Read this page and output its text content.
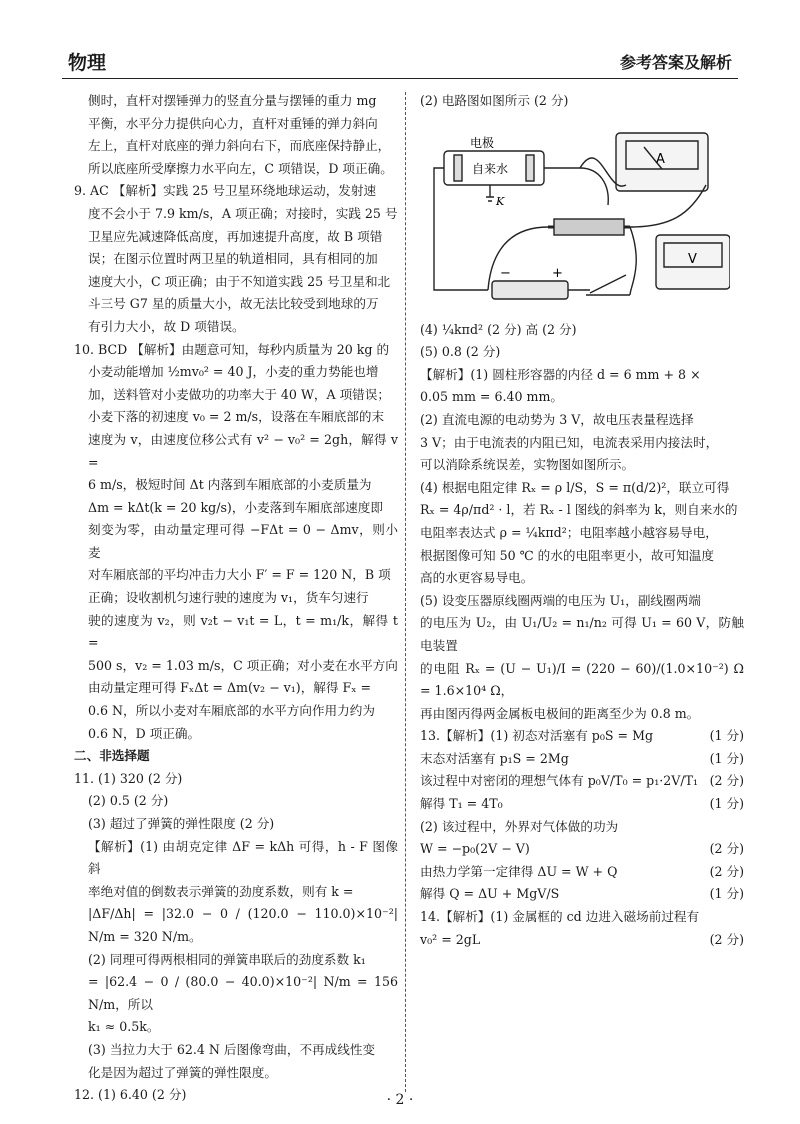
物理	参考答案及解析

侧时，直杆对摆锤弹力的竖直分量与摆锤的重力 mg

平衡，水平分力提供向心力，直杆对重锤的弹力斜向

左上，直杆对底座的弹力斜向右下，而底座保持静止，

所以底座所受摩擦力水平向左，C 项错误，D 项正确。

9. AC 【解析】实践 25 号卫星环绕地球运动，发射速

度不会小于 7.9 km/s，A 项正确；对接时，实践 25 号

卫星应先减速降低高度，再加速提升高度，故 B 项错

误；在图示位置时两卫星的轨道相同，具有相同的加

速度大小，C 项正确；由于不知道实践 25 号卫星和北

斗三号 G7 星的质量大小，故无法比较受到地球的万

有引力大小，故 D 项错误。

10. BCD 【解析】由题意可知，每秒内质量为 20 kg 的

小麦动能增加 ½mv₀² = 40 J，小麦的重力势能也增

加，送料管对小麦做功的功率大于 40 W，A 项错误；

小麦下落的初速度 v₀ = 2 m/s，设落在车厢底部的末

速度为 v，由速度位移公式有 v² − v₀² = 2gh，解得 v =

6 m/s，极短时间 Δt 内落到车厢底部的小麦质量为

Δm = kΔt(k = 20 kg/s)，小麦落到车厢底部速度即

刻变为零，由动量定理可得 −FΔt = 0 − Δmv，则小麦

对车厢底部的平均冲击力大小 F′ = F = 120 N，B 项

正确；设收割机匀速行驶的速度为 v₁，货车匀速行

驶的速度为 v₂，则 v₂t − v₁t = L，t = m₁/k，解得 t =

500 s，v₂ = 1.03 m/s，C 项正确；对小麦在水平方向

由动量定理可得 FₓΔt = Δm(v₂ − v₁)，解得 Fₓ =

0.6 N，所以小麦对车厢底部的水平方向作用力约为

0.6 N，D 项正确。

二、非选择题

11. (1) 320 (2 分)

(2) 0.5 (2 分)

(3) 超过了弹簧的弹性限度 (2 分)

【解析】(1) 由胡克定律 ΔF = kΔh 可得，h - F 图像斜

率绝对值的倒数表示弹簧的劲度系数，则有 k =

|ΔF/Δh| = |32.0 − 0 / (120.0 − 110.0)×10⁻²| N/m = 320 N/m。

(2) 同理可得两根相同的弹簧串联后的劲度系数 k₁

= |62.4 − 0 / (80.0 − 40.0)×10⁻²| N/m = 156 N/m，所以

k₁ ≈ 0.5k。

(3) 当拉力大于 62.4 N 后图像弯曲，不再成线性变

化是因为超过了弹簧的弹性限度。

12. (1) 6.40 (2 分)

(2) 电路图如图所示 (2 分)

电极
自来水
K
A
V
−	+

(4) ¼kπd² (2 分) 高 (2 分)

(5) 0.8 (2 分)

【解析】(1) 圆柱形容器的内径 d = 6 mm + 8 ×

0.05 mm = 6.40 mm。

(2) 直流电源的电动势为 3 V，故电压表量程选择

3 V；由于电流表的内阻已知，电流表采用内接法时，

可以消除系统误差，实物图如图所示。

(4) 根据电阻定律 Rₓ = ρ l/S，S = π(d/2)²，联立可得

Rₓ = 4ρ/πd² · l，若 Rₓ - l 图线的斜率为 k，则自来水的

电阻率表达式 ρ = ¼kπd²；电阻率越小越容易导电，

根据图像可知 50 ℃ 的水的电阻率更小，故可知温度

高的水更容易导电。

(5) 设变压器原线圈两端的电压为 U₁，副线圈两端

的电压为 U₂，由 U₁/U₂ = n₁/n₂ 可得 U₁ = 60 V，防触电装置

的电阻 Rₓ = (U − U₁)/I = (220 − 60)/(1.0×10⁻²) Ω = 1.6×10⁴ Ω，

再由图丙得两金属板电极间的距离至少为 0.8 m。

13.【解析】(1) 初态对活塞有 p₀S = Mg	(1 分)
末态对活塞有 p₁S = 2Mg	(1 分)
该过程中对密闭的理想气体有 p₀V/T₀ = p₁·2V/T₁ (2 分)
解得 T₁ = 4T₀	(1 分)

(2) 该过程中，外界对气体做的功为

W = −p₀(2V − V)	(2 分)
由热力学第一定律得 ΔU = W + Q	(2 分)
解得 Q = ΔU + MgV/S	(1 分)

14.【解析】(1) 金属框的 cd 边进入磁场前过程有

v₀² = 2gL	(2 分)
· 2 ·
